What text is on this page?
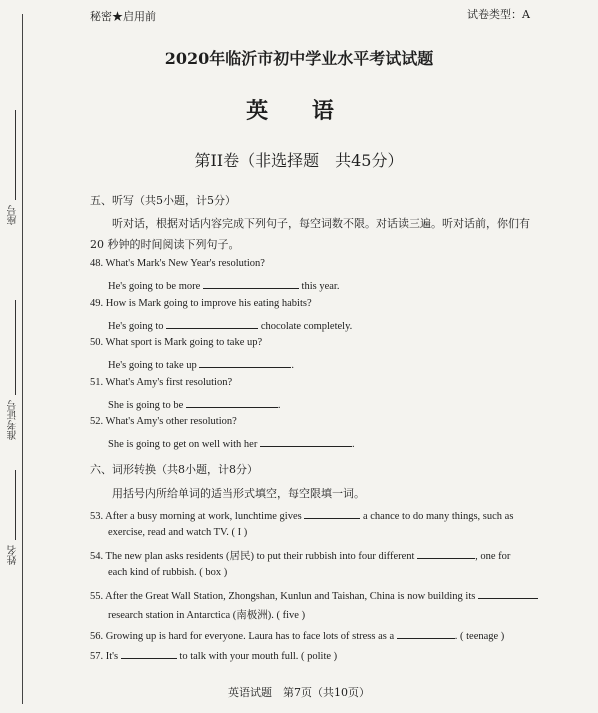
座号
准考证号
姓名
秘密★启用前	试卷类型：A
2020年临沂市初中学业水平考试试题
英 语
第II卷（非选择题　共45分）
五、听写（共5小题，计5分）
听对话，根据对话内容完成下列句子，每空词数不限。对话读三遍。听对话前，你们有
20 秒钟的时间阅读下列句子。
48. What's Mark's New Year's resolution?
He's going to be more	this year.
49. How is Mark going to improve his eating habits?
He's going to	chocolate completely.
50. What sport is Mark going to take up?
He's going to take up	.
51. What's Amy's first resolution?
She is going to be	.
52. What's Amy's other resolution?
She is going to get on well with her	.
六、词形转换（共8小题，计8分）
用括号内所给单词的适当形式填空，每空限填一词。
53. After a busy morning at work, lunchtime gives	a chance to do many things, such as
exercise, read and watch TV. ( I )
54. The new plan asks residents (居民) to put their rubbish into four different	, one for
each kind of rubbish. ( box )
55. After the Great Wall Station, Zhongshan, Kunlun and Taishan, China is now building its
research station in Antarctica (南极洲). ( five )
56. Growing up is hard for everyone. Laura has to face lots of stress as a	. ( teenage )
57. It's	to talk with your mouth full. ( polite )
英语试题　第7页（共10页）
